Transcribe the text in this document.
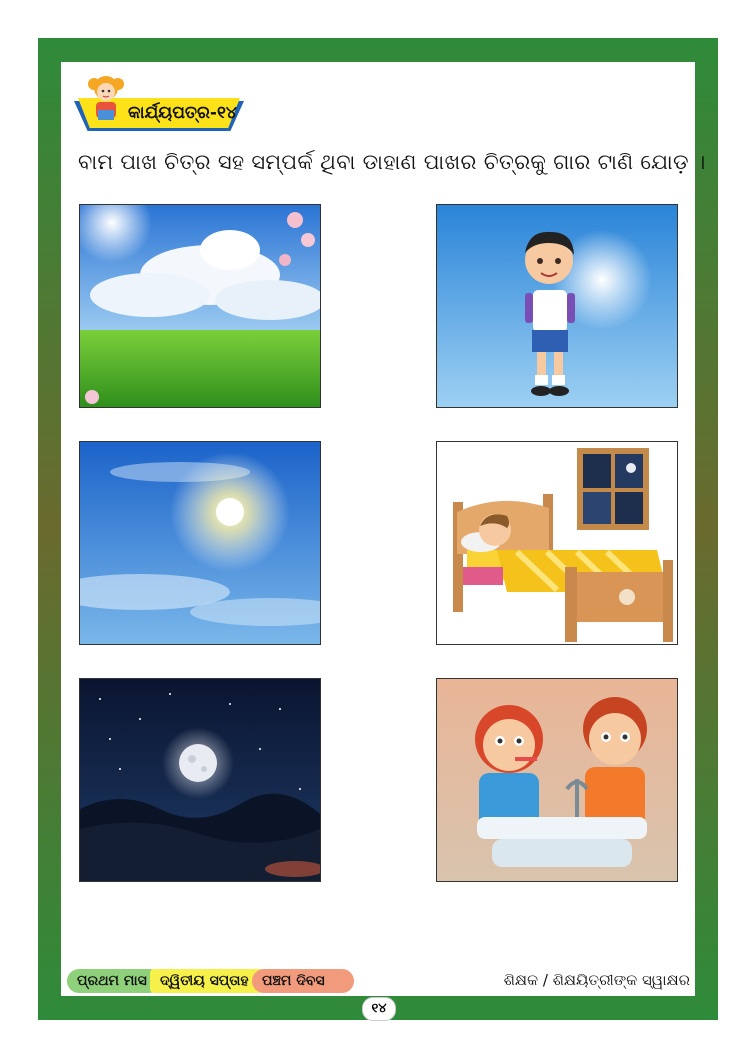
କାର୍ଯ୍ୟପତ୍ର-୧୪
ବାମ ପାଖ ଚିତ୍ର ସହ ସମ୍ପର୍କ ଥିବା ଡାହାଣ ପାଖର ଚିତ୍ରକୁ ଗାର ଟାଣି ଯୋଡ଼ ।
ପ୍ରଥମ ମାସ ଦ୍ୱିତୀୟ ସପ୍ତାହ ପଞ୍ଚମ ଦିବସ	ଶିକ୍ଷକ / ଶିକ୍ଷୟିତ୍ରୀଙ୍କ ସ୍ୱାକ୍ଷର
୧୪
